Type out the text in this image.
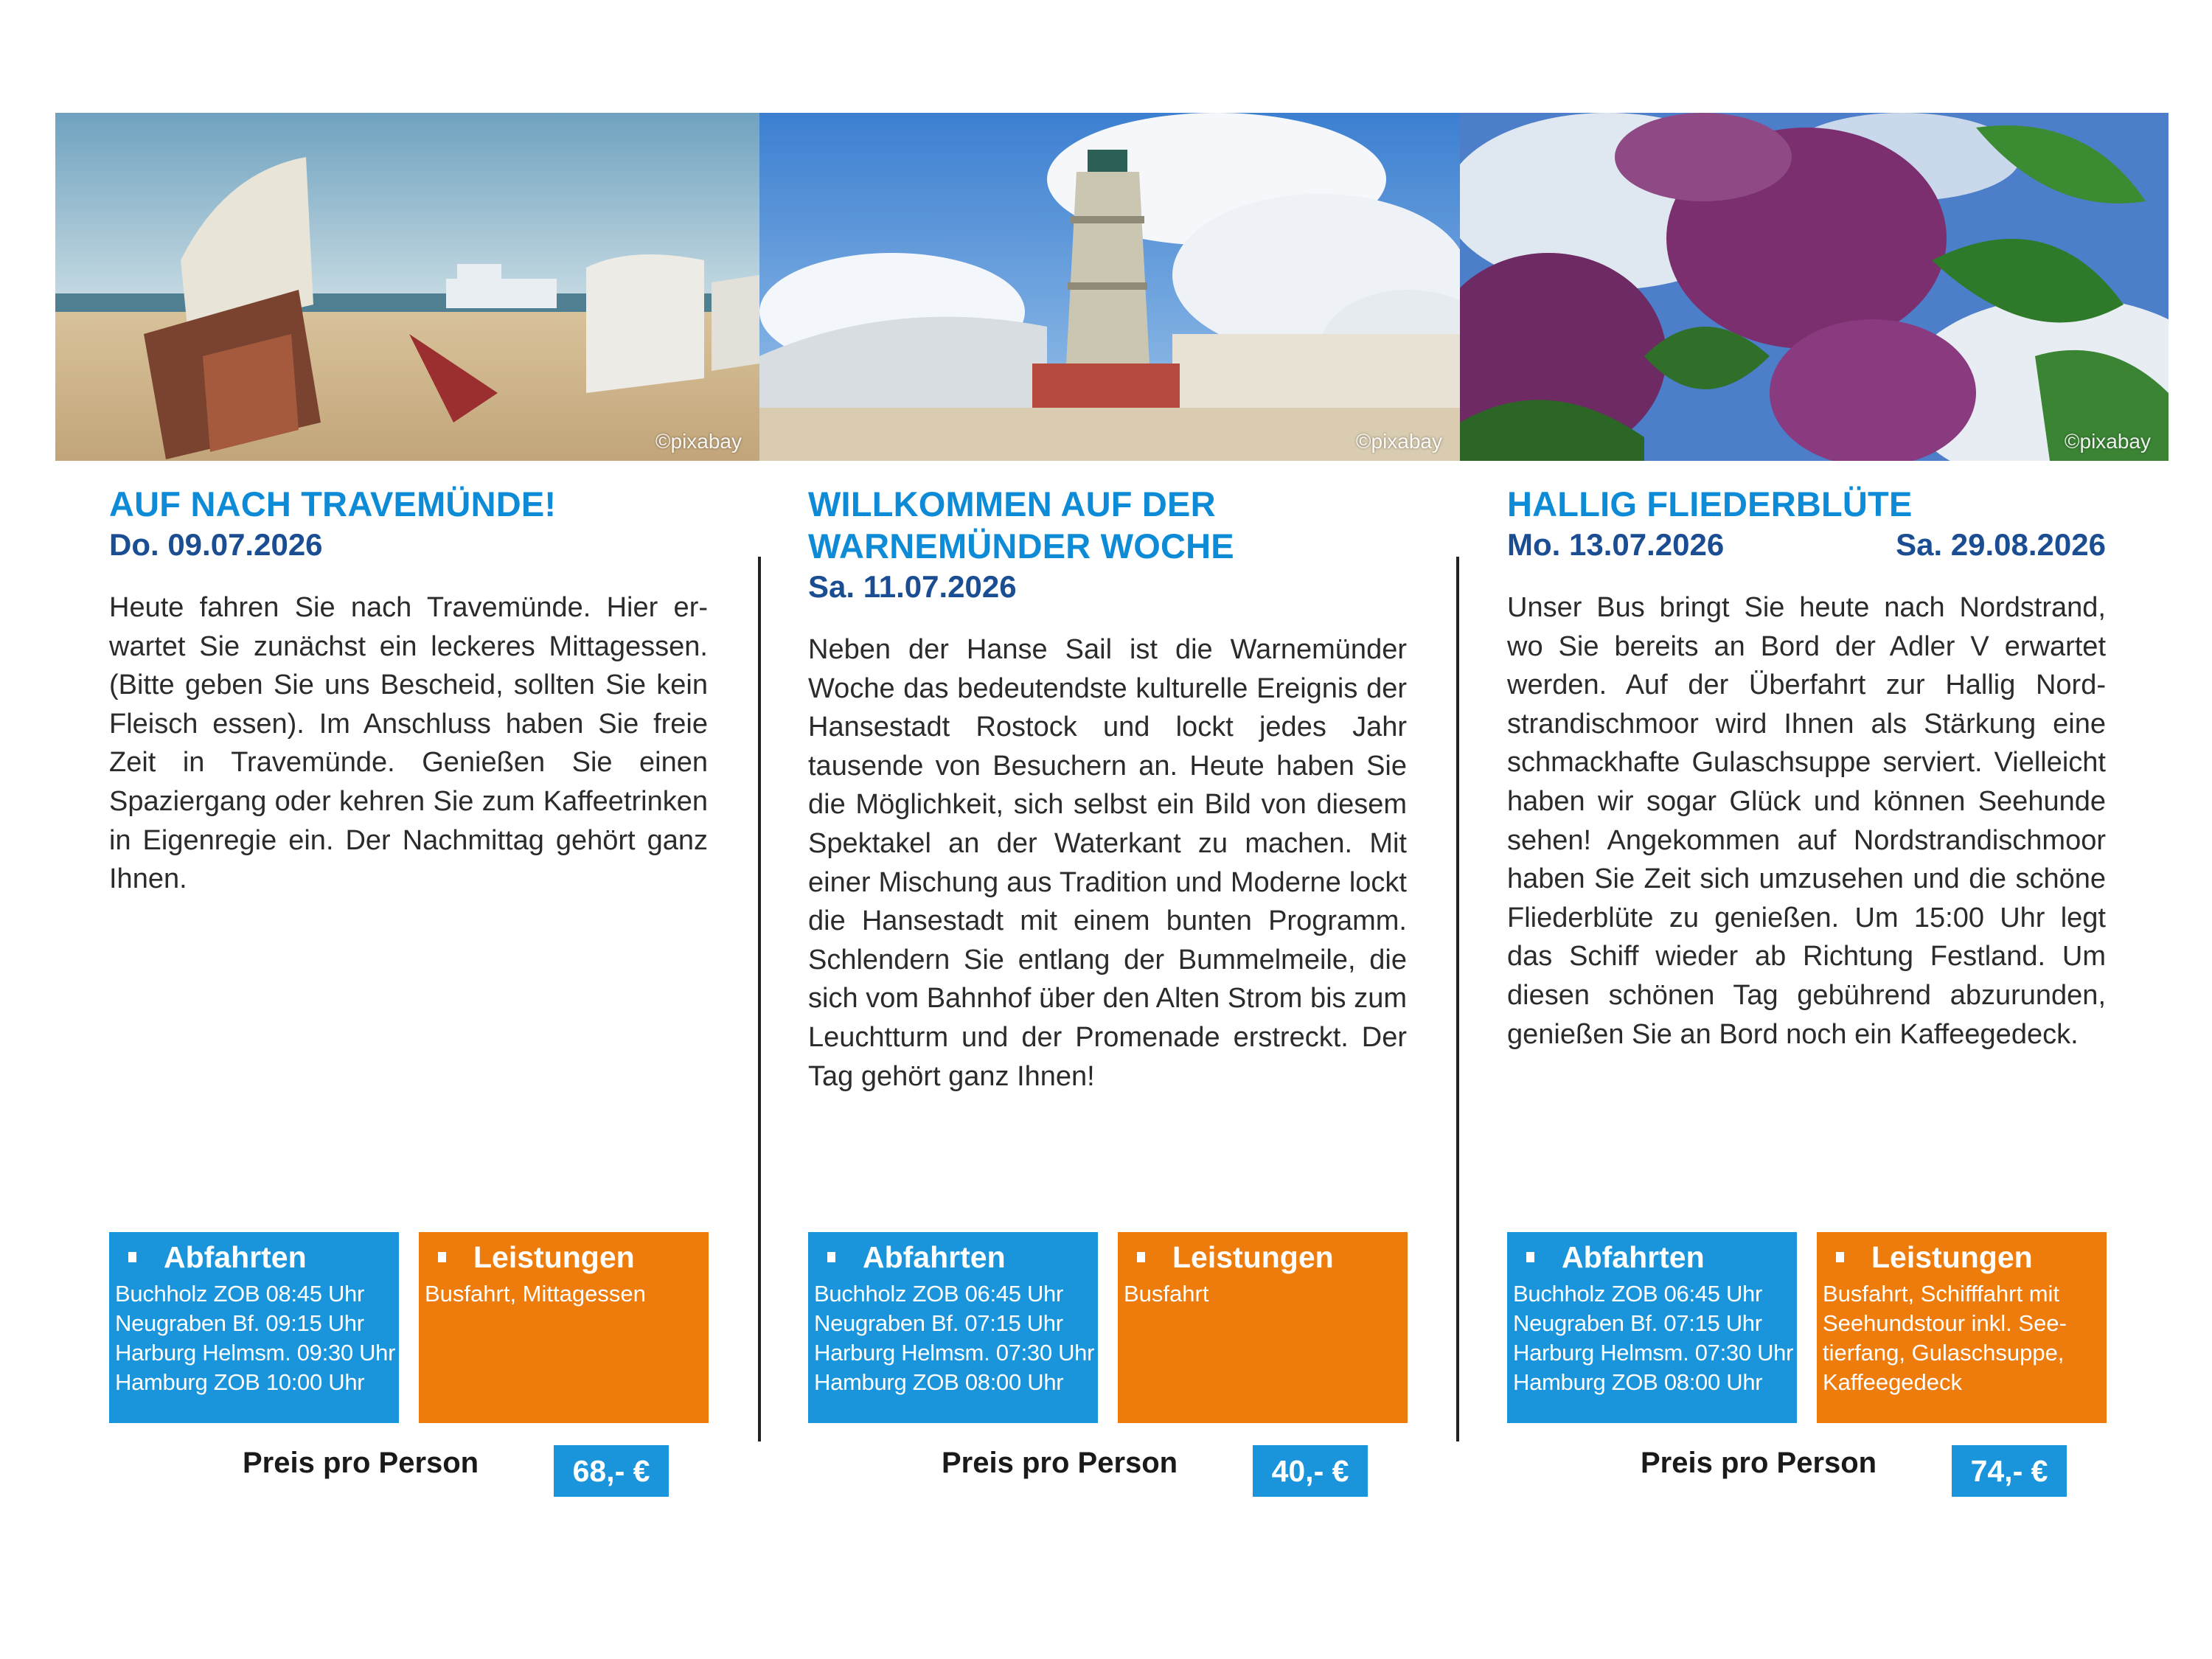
©pixabay	©pixabay	©pixabay
AUF NACH TRAVEMÜNDE!
Do. 09.07.2026
Heute fahren Sie nach Travemünde. Hier erwartet Sie zunächst ein leckeres Mittagessen. (Bitte geben Sie uns Bescheid, sollten Sie kein Fleisch essen). Im Anschluss haben Sie freie Zeit in Travemünde. Genießen Sie einen Spaziergang oder kehren Sie zum Kaffeetrinken in Eigenregie ein. Der Nachmittag gehört ganz Ihnen.
WILLKOMMEN AUF DER
WARNEMÜNDER WOCHE
Sa. 11.07.2026
Neben der Hanse Sail ist die Warnemünder Woche das bedeutendste kulturelle Ereignis der Hansestadt Rostock und lockt jedes Jahr tausende von Besuchern an. Heute haben Sie die Möglichkeit, sich selbst ein Bild von diesem Spektakel an der Waterkant zu machen. Mit einer Mischung aus Tradition und Moderne lockt die Hansestadt mit einem bunten Programm. Schlendern Sie entlang der Bummelmeile, die sich vom Bahnhof über den Alten Strom bis zum Leuchtturm und der Promenade erstreckt. Der Tag gehört ganz Ihnen!
HALLIG FLIEDERBLÜTE
Mo. 13.07.2026	Sa. 29.08.2026
Unser Bus bringt Sie heute nach Nordstrand, wo Sie bereits an Bord der Adler V erwartet werden. Auf der Überfahrt zur Hallig Nordstrandischmoor wird Ihnen als Stärkung eine schmackhafte Gulaschsuppe serviert. Vielleicht haben wir sogar Glück und können Seehunde sehen! Angekommen auf Nordstrandischmoor haben Sie Zeit sich umzusehen und die schöne Fliederblüte zu genießen. Um 15:00 Uhr legt das Schiff wieder ab Richtung Festland. Um diesen schönen Tag gebührend abzurunden, genießen Sie an Bord noch ein Kaffeegedeck.
Abfahrten
Buchholz ZOB 08:45 Uhr
Neugraben Bf. 09:15 Uhr
Harburg Helmsm. 09:30 Uhr
Hamburg ZOB 10:00 Uhr
Leistungen
Busfahrt, Mittagessen
Preis pro Person	68,- €
Abfahrten
Buchholz ZOB 06:45 Uhr
Neugraben Bf. 07:15 Uhr
Harburg Helmsm. 07:30 Uhr
Hamburg ZOB 08:00 Uhr
Leistungen
Busfahrt
Preis pro Person	40,- €
Abfahrten
Buchholz ZOB 06:45 Uhr
Neugraben Bf. 07:15 Uhr
Harburg Helmsm. 07:30 Uhr
Hamburg ZOB 08:00 Uhr
Leistungen
Busfahrt, Schifffahrt mit Seehundstour inkl. Seetierfang, Gulaschsuppe, Kaffeegedeck
Preis pro Person	74,- €
